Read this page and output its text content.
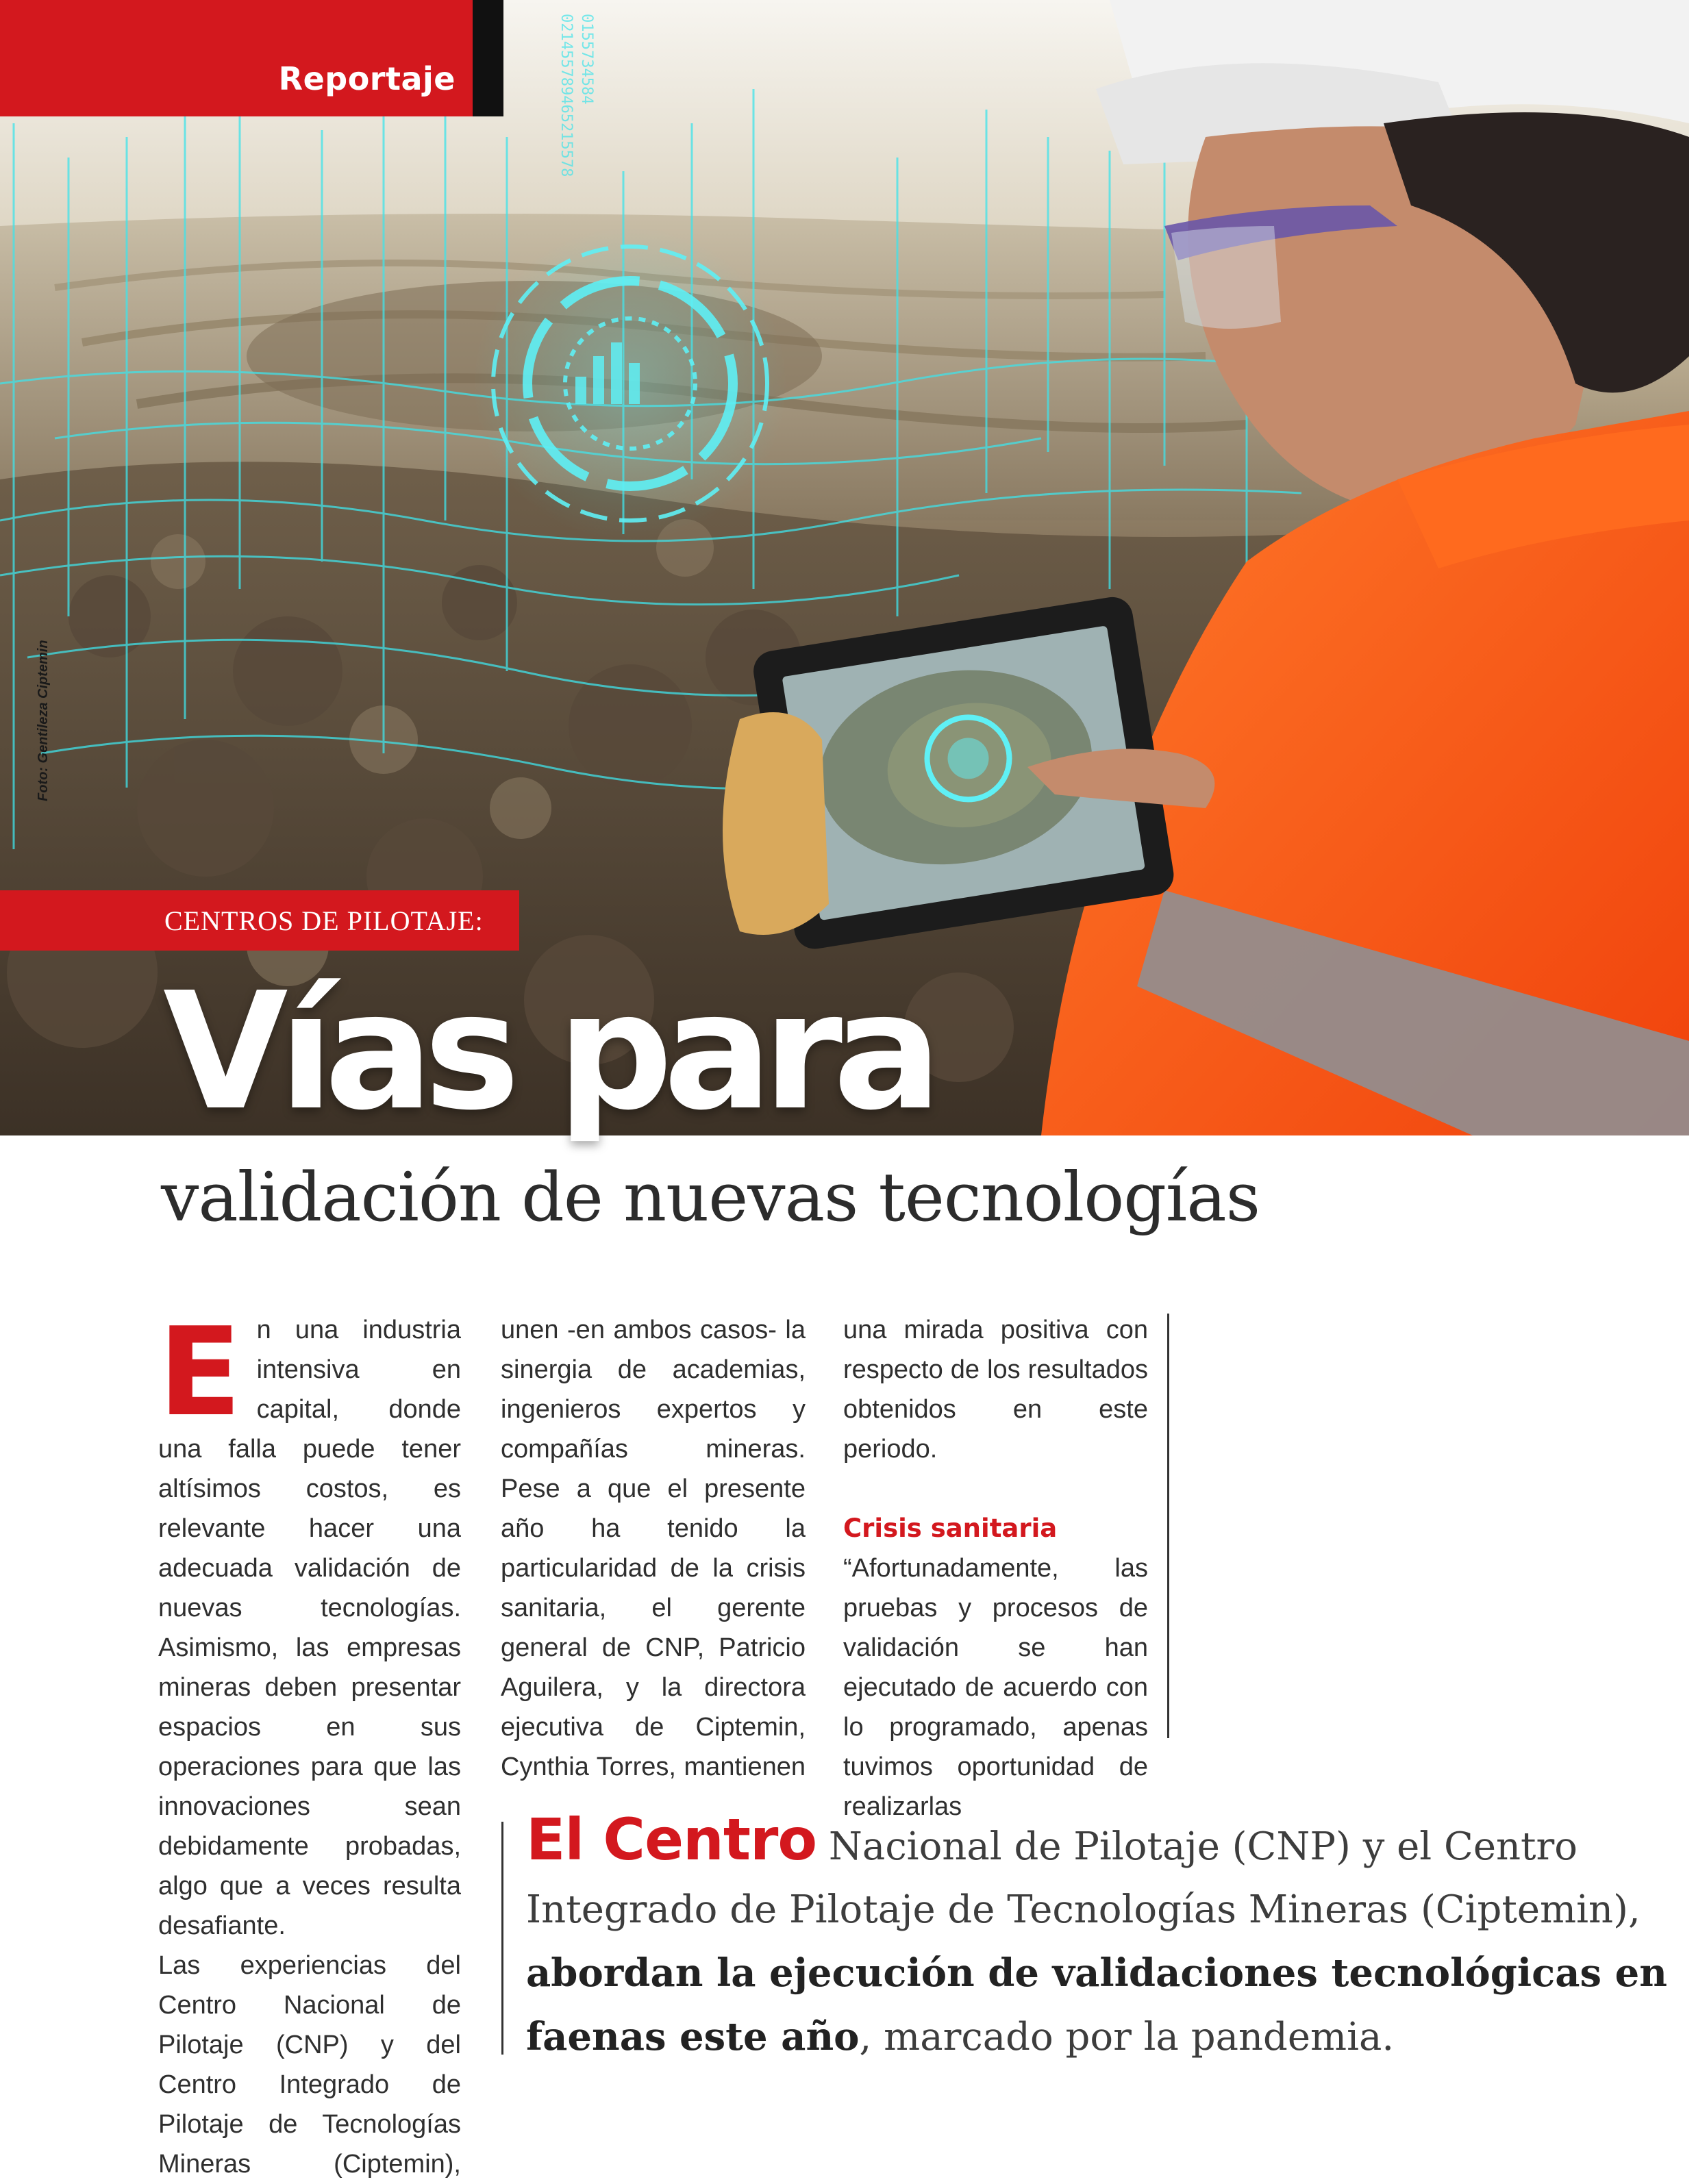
021455789465215578 0155734584
Reportaje
Foto: Gentileza Ciptemin
CENTROS DE PILOTAJE:
Vías para
validación de nuevas tecnologías
E n una industria intensiva en capital, donde una falla puede tener altísimos costos, es relevante hacer una adecuada validación de nuevas tecnologías. Asimismo, las empresas mineras deben presentar espacios en sus operaciones para que las innovaciones sean debidamente probadas, algo que a veces resulta desafiante.

Las experiencias del Centro Nacional de Pilotaje (CNP) y del Centro Integrado de Pilotaje de Tecnologías Mineras (Ciptemin),

unen -en ambos casos- la sinergia de academias, ingenieros expertos y compañías mineras.

Pese a que el presente año ha tenido la particularidad de la crisis sanitaria, el gerente general de CNP, Patricio Aguilera, y la directora ejecutiva de Ciptemin, Cynthia Torres, mantienen

una mirada positiva con respecto de los resultados obtenidos en este periodo.

Crisis sanitaria

“Afortunadamente, las pruebas y procesos de validación se han ejecutado de acuerdo con lo programado, apenas tuvimos oportunidad de realizarlas

El Centro Nacional de Pilotaje (CNP) y el Centro Integrado de Pilotaje de Tecnologías Mineras (Ciptemin), abordan la ejecución de validaciones tecnológicas en faenas este año, marcado por la pandemia.
